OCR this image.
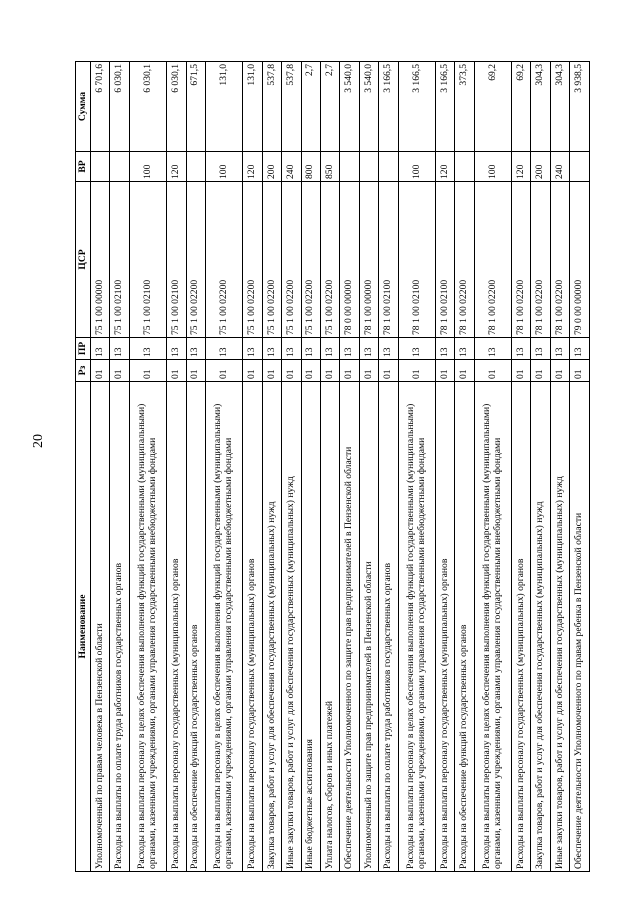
20
Наименование	Рз	ПР	ЦСР	ВР	Сумма
Уполномоченный по правам человека в Пензенской области	01	13	75 1 00 00000		6 701,6
Расходы на выплаты по оплате труда работников государственных органов	01	13	75 1 00 02100		6 030,1
Расходы на выплаты персоналу в целях обеспечения выполнения функций государственными (муниципальными) органами, казенными учреждениями, органами управления государственными внебюджетными фондами	01	13	75 1 00 02100	100	6 030,1
Расходы на выплаты персоналу государственных (муниципальных) органов	01	13	75 1 00 02100	120	6 030,1
Расходы на обеспечение функций государственных органов	01	13	75 1 00 02200		671,5
Расходы на выплаты персоналу в целях обеспечения выполнения функций государственными (муниципальными) органами, казенными учреждениями, органами управления государственными внебюджетными фондами	01	13	75 1 00 02200	100	131,0
Расходы на выплаты персоналу государственных (муниципальных) органов	01	13	75 1 00 02200	120	131,0
Закупка товаров, работ и услуг для обеспечения государственных (муниципальных) нужд	01	13	75 1 00 02200	200	537,8
Иные закупки товаров, работ и услуг для обеспечения государственных (муниципальных) нужд	01	13	75 1 00 02200	240	537,8
Иные бюджетные ассигнования	01	13	75 1 00 02200	800	2,7
Уплата налогов, сборов и иных платежей	01	13	75 1 00 02200	850	2,7
Обеспечение деятельности Уполномоченного по защите прав предпринимателей в Пензенской области	01	13	78 0 00 00000		3 540,0
Уполномоченный по защите прав предпринимателей в Пензенской области	01	13	78 1 00 00000		3 540,0
Расходы на выплаты по оплате труда работников государственных органов	01	13	78 1 00 02100		3 166,5
Расходы на выплаты персоналу в целях обеспечения выполнения функций государственными (муниципальными) органами, казенными учреждениями, органами управления государственными внебюджетными фондами	01	13	78 1 00 02100	100	3 166,5
Расходы на выплаты персоналу государственных (муниципальных) органов	01	13	78 1 00 02100	120	3 166,5
Расходы на обеспечение функций государственных органов	01	13	78 1 00 02200		373,5
Расходы на выплаты персоналу в целях обеспечения выполнения функций государственными (муниципальными) органами, казенными учреждениями, органами управления государственными внебюджетными фондами	01	13	78 1 00 02200	100	69,2
Расходы на выплаты персоналу государственных (муниципальных) органов	01	13	78 1 00 02200	120	69,2
Закупка товаров, работ и услуг для обеспечения государственных (муниципальных) нужд	01	13	78 1 00 02200	200	304,3
Иные закупки товаров, работ и услуг для обеспечения государственных (муниципальных) нужд	01	13	78 1 00 02200	240	304,3
Обеспечение деятельности Уполномоченного по правам ребенка в Пензенской области	01	13	79 0 00 00000		3 938,5
